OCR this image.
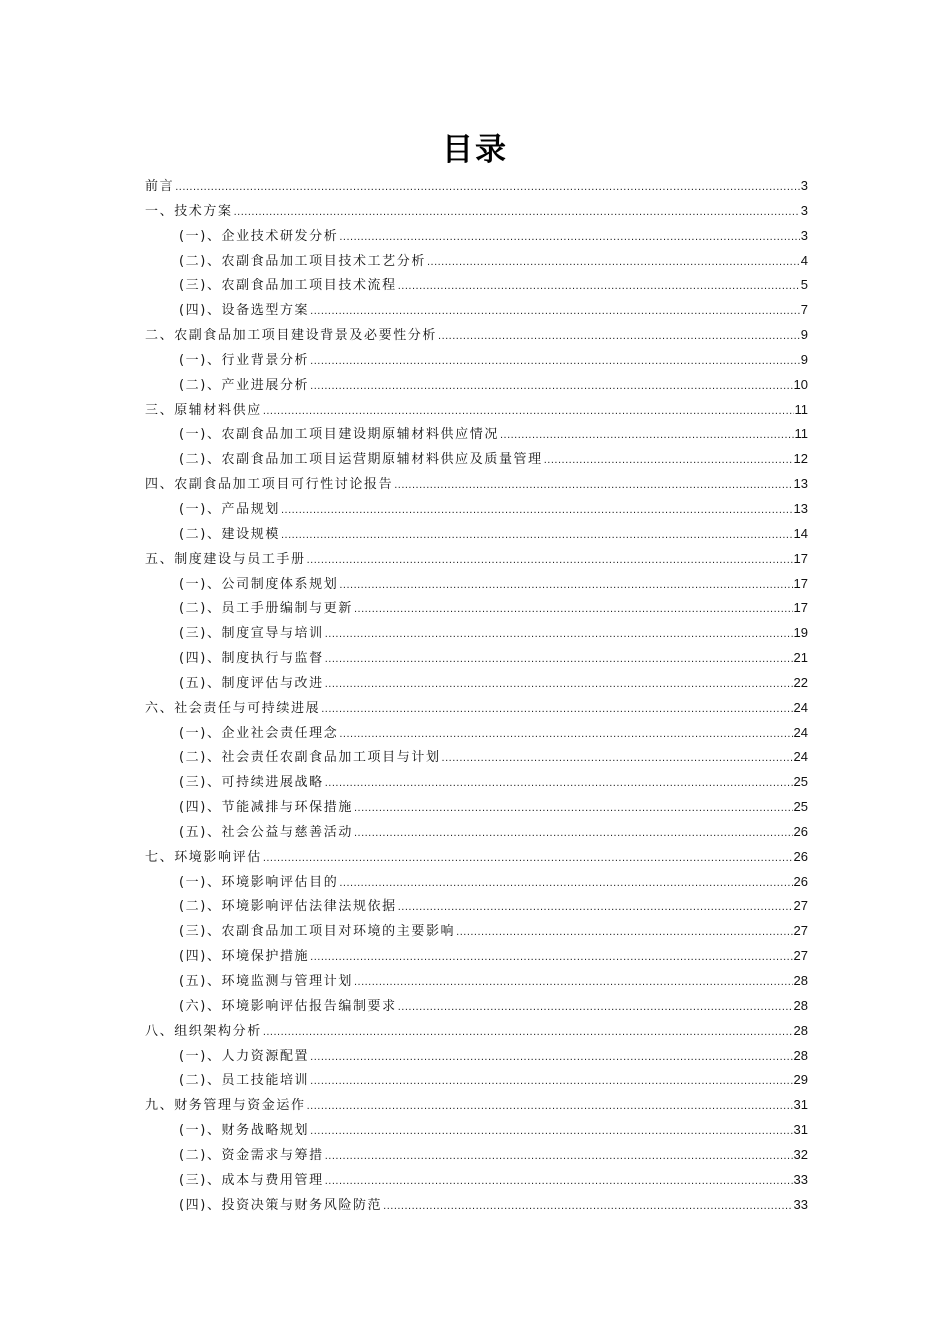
目录
前言 .....	3
一、技术方案 .....	3
(一)、企业技术研发分析 .....	3
(二)、农副食品加工项目技术工艺分析 .....	4
(三)、农副食品加工项目技术流程 .....	5
(四)、设备选型方案 .....	7
二、农副食品加工项目建设背景及必要性分析 .....	9
(一)、行业背景分析 .....	9
(二)、产业进展分析 .....	10
三、原辅材料供应 .....	11
(一)、农副食品加工项目建设期原辅材料供应情况 .....	11
(二)、农副食品加工项目运营期原辅材料供应及质量管理 .....	12
四、农副食品加工项目可行性讨论报告 .....	13
(一)、产品规划 .....	13
(二)、建设规模 .....	14
五、制度建设与员工手册 .....	17
(一)、公司制度体系规划 .....	17
(二)、员工手册编制与更新 .....	17
(三)、制度宣导与培训 .....	19
(四)、制度执行与监督 .....	21
(五)、制度评估与改进 .....	22
六、社会责任与可持续进展 .....	24
(一)、企业社会责任理念 .....	24
(二)、社会责任农副食品加工项目与计划 .....	24
(三)、可持续进展战略 .....	25
(四)、节能减排与环保措施 .....	25
(五)、社会公益与慈善活动 .....	26
七、环境影响评估 .....	26
(一)、环境影响评估目的 .....	26
(二)、环境影响评估法律法规依据 .....	27
(三)、农副食品加工项目对环境的主要影响 .....	27
(四)、环境保护措施 .....	27
(五)、环境监测与管理计划 .....	28
(六)、环境影响评估报告编制要求 .....	28
八、组织架构分析 .....	28
(一)、人力资源配置 .....	28
(二)、员工技能培训 .....	29
九、财务管理与资金运作 .....	31
(一)、财务战略规划 .....	31
(二)、资金需求与筹措 .....	32
(三)、成本与费用管理 .....	33
(四)、投资决策与财务风险防范 .....	33
